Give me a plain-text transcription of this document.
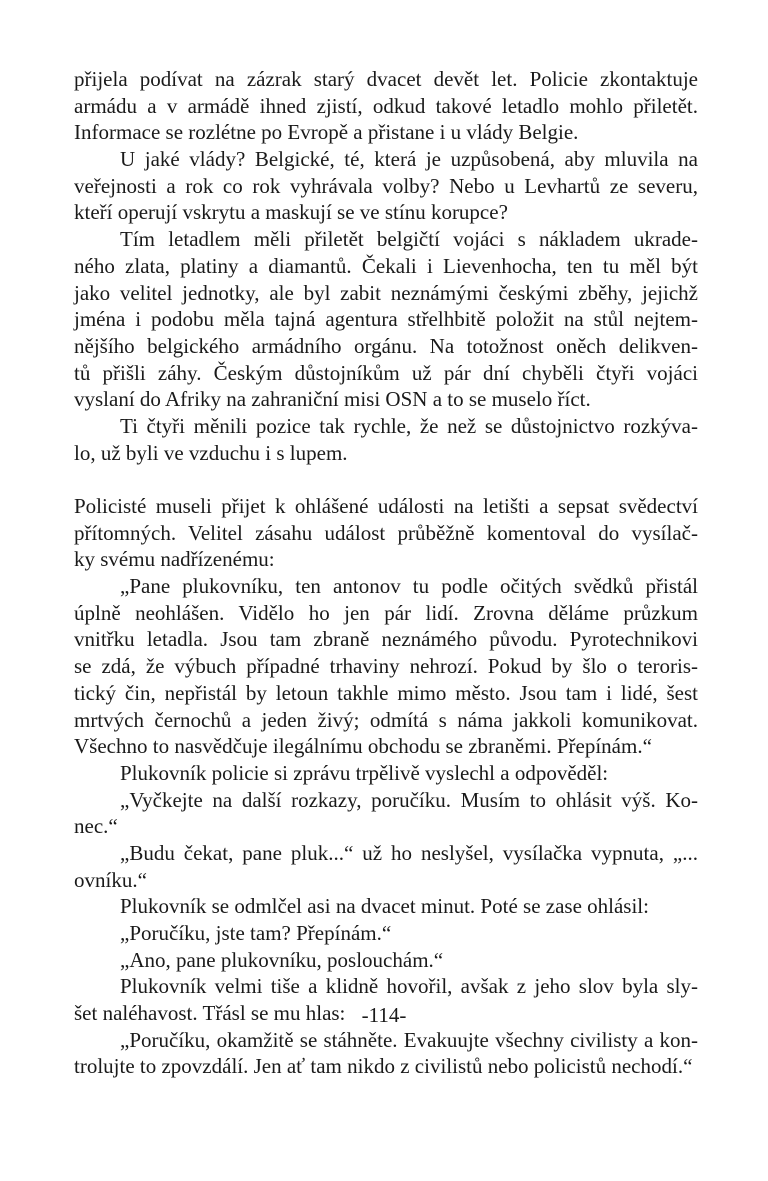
přijela podívat na zázrak starý dvacet devět let. Policie zkontaktuje
armádu a v armádě ihned zjistí, odkud takové letadlo mohlo přiletět.
Informace se rozlétne po Evropě a přistane i u vlády Belgie.
U jaké vlády? Belgické, té, která je uzpůsobená, aby mluvila na
veřejnosti a rok co rok vyhrávala volby? Nebo u Levhartů ze severu,
kteří operují vskrytu a maskují se ve stínu korupce?
Tím letadlem měli přiletět belgičtí vojáci s nákladem ukrade-
ného zlata, platiny a diamantů. Čekali i Lievenhocha, ten tu měl být
jako velitel jednotky, ale byl zabit neznámými českými zběhy, jejichž
jména i podobu měla tajná agentura střelhbitě položit na stůl nejtem-
nějšího belgického armádního orgánu. Na totožnost oněch delikven-
tů přišli záhy. Českým důstojníkům už pár dní chyběli čtyři vojáci
vyslaní do Afriky na zahraniční misi OSN a to se muselo říct.
Ti čtyři měnili pozice tak rychle, že než se důstojnictvo rozkýva-
lo, už byli ve vzduchu i s lupem.
Policisté museli přijet k ohlášené události na letišti a sepsat svědectví
přítomných. Velitel zásahu událost průběžně komentoval do vysílač-
ky svému nadřízenému:
„Pane plukovníku, ten antonov tu podle očitých svědků přistál
úplně neohlášen. Vidělo ho jen pár lidí. Zrovna děláme průzkum
vnitřku letadla. Jsou tam zbraně neznámého původu. Pyrotechnikovi
se zdá, že výbuch případné trhaviny nehrozí. Pokud by šlo o teroris-
tický čin, nepřistál by letoun takhle mimo město. Jsou tam i lidé, šest
mrtvých černochů a jeden živý; odmítá s náma jakkoli komunikovat.
Všechno to nasvědčuje ilegálnímu obchodu se zbraněmi. Přepínám.“
Plukovník policie si zprávu trpělivě vyslechl a odpověděl:
„Vyčkejte na další rozkazy, poručíku. Musím to ohlásit výš. Ko-
nec.“
„Budu čekat, pane pluk...“ už ho neslyšel, vysílačka vypnuta, „...
ovníku.“
Plukovník se odmlčel asi na dvacet minut. Poté se zase ohlásil:
„Poručíku, jste tam? Přepínám.“
„Ano, pane plukovníku, poslouchám.“
Plukovník velmi tiše a klidně hovořil, avšak z jeho slov byla sly-
šet naléhavost. Třásl se mu hlas:
„Poručíku, okamžitě se stáhněte. Evakuujte všechny civilisty a kon-
trolujte to zpovzdálí. Jen ať tam nikdo z civilistů nebo policistů nechodí.“
-114-
